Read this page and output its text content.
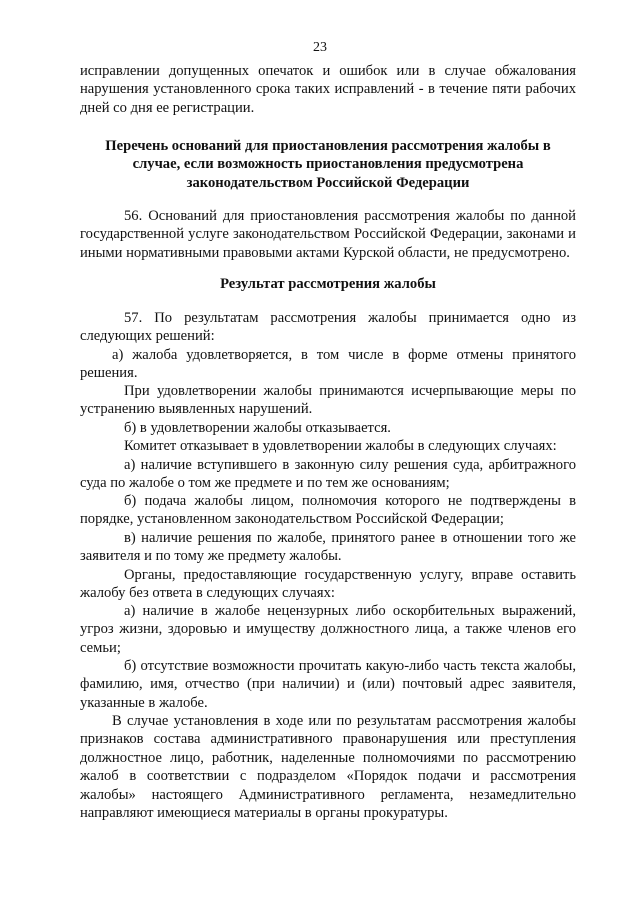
23

исправлении допущенных опечаток и ошибок или в случае обжалования нарушения установленного срока таких исправлений - в течение пяти рабочих дней со дня ее регистрации.

Перечень оснований для приостановления рассмотрения жалобы в случае, если возможность приостановления предусмотрена законодательством Российской Федерации

56. Оснований для приостановления рассмотрения жалобы по данной государственной услуге законодательством Российской Федерации, законами и иными нормативными правовыми актами Курской области, не предусмотрено.

Результат рассмотрения жалобы

57. По результатам рассмотрения жалобы принимается одно из следующих решений:

а) жалоба удовлетворяется, в том числе в форме отмены принятого решения.

При удовлетворении жалобы принимаются исчерпывающие меры по устранению выявленных нарушений.

б) в удовлетворении жалобы отказывается.

Комитет отказывает в удовлетворении жалобы в следующих случаях:

а) наличие вступившего в законную силу решения суда, арбитражного суда по жалобе о том же предмете и по тем же основаниям;

б) подача жалобы лицом, полномочия которого не подтверждены в порядке, установленном законодательством Российской Федерации;

в) наличие решения по жалобе, принятого ранее в отношении того же заявителя и по тому же предмету жалобы.

Органы, предоставляющие государственную услугу, вправе оставить жалобу без ответа в следующих случаях:

а) наличие в жалобе нецензурных либо оскорбительных выражений, угроз жизни, здоровью и имуществу должностного лица, а также членов его семьи;

б) отсутствие возможности прочитать какую-либо часть текста жалобы, фамилию, имя, отчество (при наличии) и (или) почтовый адрес заявителя, указанные в жалобе.

В случае установления в ходе или по результатам рассмотрения жалобы признаков состава административного правонарушения или преступления должностное лицо, работник, наделенные полномочиями по рассмотрению жалоб в соответствии с подразделом «Порядок подачи и рассмотрения жалобы» настоящего Административного регламента, незамедлительно направляют имеющиеся материалы в органы прокуратуры.
